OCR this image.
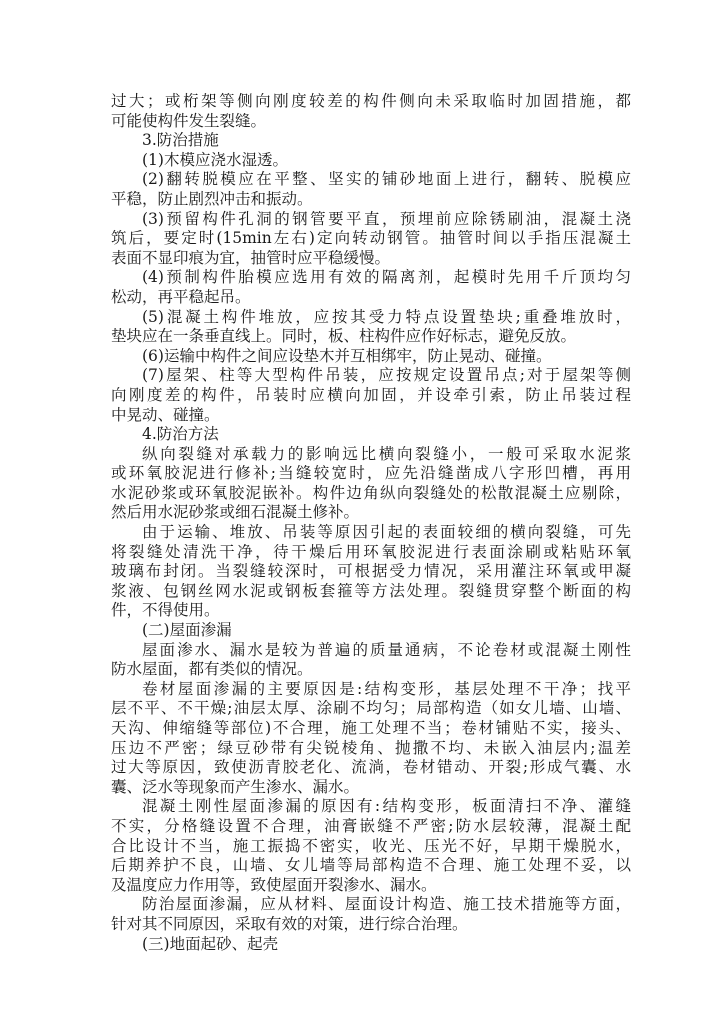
过大；或桁架等侧向刚度较差的构件侧向未采取临时加固措施，都
可能使构件发生裂缝。
3.防治措施
(1)木模应浇水湿透。
(2)翻转脱模应在平整、坚实的铺砂地面上进行，翻转、脱模应
平稳，防止剧烈冲击和振动。
(3)预留构件孔洞的钢管要平直，预埋前应除锈刷油，混凝土浇
筑后，要定时(15min左右)定向转动钢管。抽管时间以手指压混凝土
表面不显印痕为宜，抽管时应平稳缓慢。
(4)预制构件胎模应选用有效的隔离剂，起模时先用千斤顶均匀
松动，再平稳起吊。
(5)混凝土构件堆放，应按其受力特点设置垫块;重叠堆放时，
垫块应在一条垂直线上。同时，板、柱构件应作好标志，避免反放。
(6)运输中构件之间应设垫木并互相绑牢，防止晃动、碰撞。
(7)屋架、柱等大型构件吊装，应按规定设置吊点;对于屋架等侧
向刚度差的构件，吊装时应横向加固，并设牵引索，防止吊装过程
中晃动、碰撞。
4.防治方法
纵向裂缝对承载力的影响远比横向裂缝小，一般可采取水泥浆
或环氧胶泥进行修补;当缝较宽时，应先沿缝凿成八字形凹槽，再用
水泥砂浆或环氧胶泥嵌补。构件边角纵向裂缝处的松散混凝土应剔除，
然后用水泥砂浆或细石混凝土修补。
由于运输、堆放、吊装等原因引起的表面较细的横向裂缝，可先
将裂缝处清洗干净，待干燥后用环氧胶泥进行表面涂刷或粘贴环氧
玻璃布封闭。当裂缝较深时，可根据受力情况，采用灌注环氧或甲凝
浆液、包钢丝网水泥或钢板套箍等方法处理。裂缝贯穿整个断面的构
件，不得使用。
(二)屋面渗漏
屋面渗水、漏水是较为普遍的质量通病，不论卷材或混凝土刚性
防水屋面，都有类似的情况。
卷材屋面渗漏的主要原因是:结构变形，基层处理不干净；找平
层不平、不干燥;油层太厚、涂刷不均匀；局部构造（如女儿墙、山墙、
天沟、伸缩缝等部位)不合理，施工处理不当；卷材铺贴不实，接头、
压边不严密；绿豆砂带有尖锐棱角、抛撒不均、未嵌入油层内;温差
过大等原因，致使沥青胶老化、流淌，卷材错动、开裂;形成气囊、水
囊、泛水等现象而产生渗水、漏水。
混凝土刚性屋面渗漏的原因有:结构变形，板面清扫不净、灌缝
不实，分格缝设置不合理，油膏嵌缝不严密;防水层较薄，混凝土配
合比设计不当，施工振捣不密实，收光、压光不好，早期干燥脱水，
后期养护不良，山墙、女儿墙等局部构造不合理、施工处理不妥，以
及温度应力作用等，致使屋面开裂渗水、漏水。
防治屋面渗漏，应从材料、屋面设计构造、施工技术措施等方面，
针对其不同原因，采取有效的对策，进行综合治理。
(三)地面起砂、起壳
